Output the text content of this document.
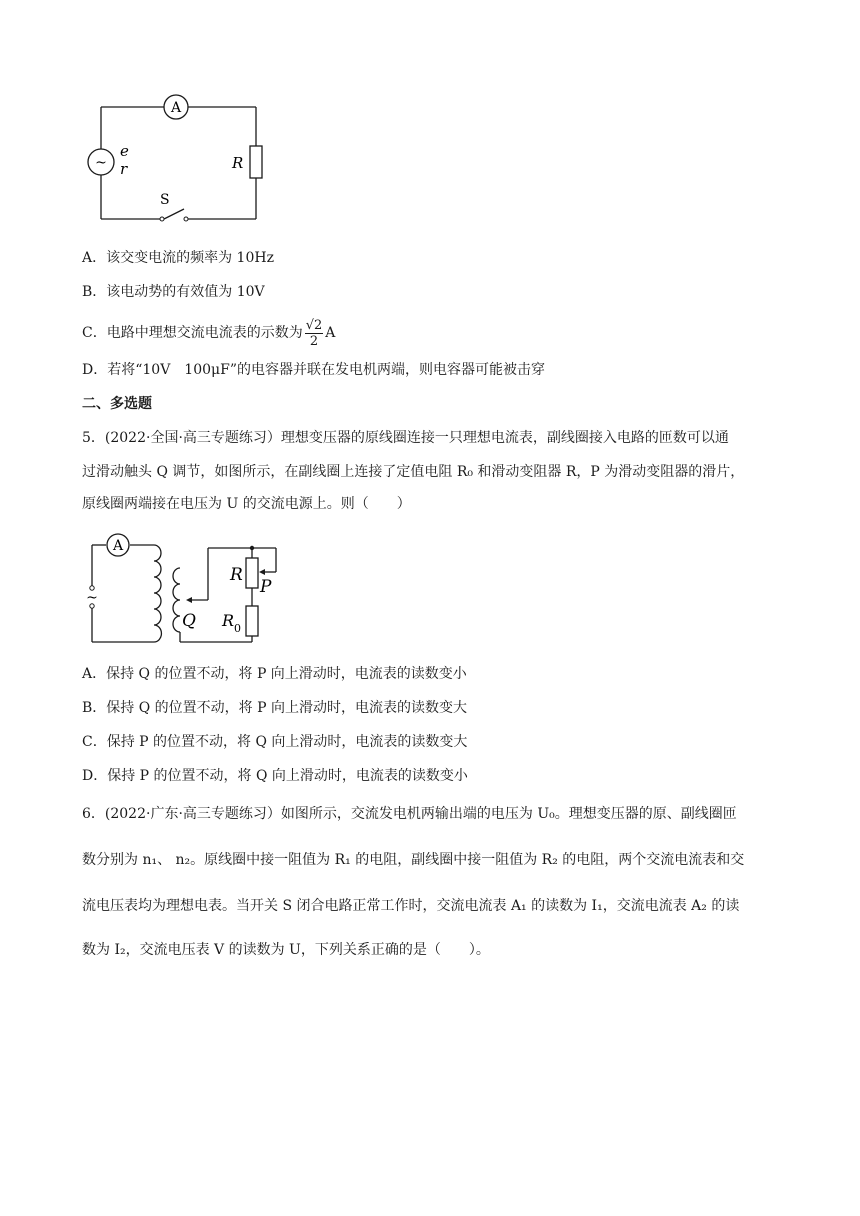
A
~
e
r	R
S
A．该交变电流的频率为 10Hz
B．该电动势的有效值为 10V
C．电路中理想交流电流表的示数为 $\frac{√2}{2}$ A
D．若将“10V　100μF”的电容器并联在发电机两端，则电容器可能被击穿
二、多选题
5．(2022·全国·高三专题练习）理想变压器的原线圈连接一只理想电流表，副线圈接入电路的匝数可以通
过滑动触头 Q 调节，如图所示，在副线圈上连接了定值电阻 R₀ 和滑动变阻器 R，P 为滑动变阻器的滑片，
原线圈两端接在电压为 U 的交流电源上。则（　　）
A
~
R
P
Q R 0
A．保持 Q 的位置不动，将 P 向上滑动时，电流表的读数变小
B．保持 Q 的位置不动，将 P 向上滑动时，电流表的读数变大
C．保持 P 的位置不动，将 Q 向上滑动时，电流表的读数变大
D．保持 P 的位置不动，将 Q 向上滑动时，电流表的读数变小
6．(2022·广东·高三专题练习）如图所示，交流发电机两输出端的电压为 U₀。理想变压器的原、副线圈匝
数分别为 n₁、 n₂。原线圈中接一阻值为 R₁ 的电阻，副线圈中接一阻值为 R₂ 的电阻，两个交流电流表和交
流电压表均为理想电表。当开关 S 闭合电路正常工作时，交流电流表 A₁ 的读数为 I₁，交流电流表 A₂ 的读
数为 I₂，交流电压表 V 的读数为 U，下列关系正确的是（　　）。
